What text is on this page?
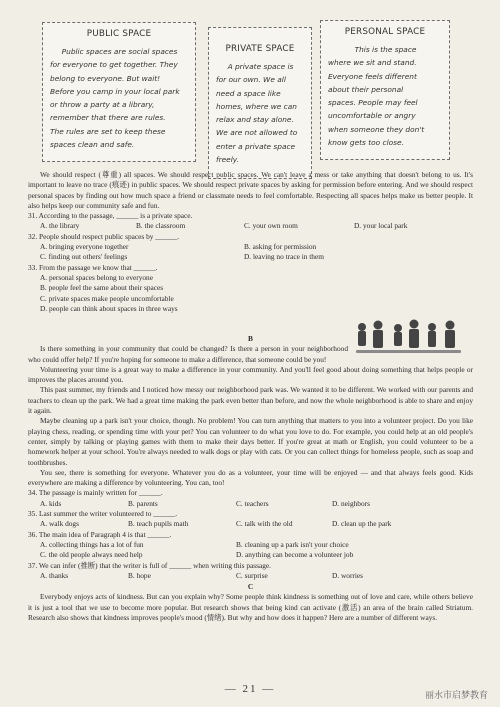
PUBLIC SPACE
Public spaces are social spaces
for everyone to get together. They
belong to everyone. But wait!
Before you camp in your local park
or throw a party at a library,
remember that there are rules.
The rules are set to keep these
spaces clean and safe.
PRIVATE SPACE
A private space is
for our own. We all
need a space like
homes, where we can
relax and stay alone.
We are not allowed to
enter a private space
freely.
PERSONAL SPACE
This is the space
where we sit and stand.
Everyone feels different
about their personal
spaces. People may feel
uncomfortable or angry
when someone they don't
know gets too close.

We should respect (尊重) all spaces. We should respect public spaces. We can't leave a mess or take anything that doesn't belong to us. It's important to leave no trace (痕迹) in public spaces. We should respect private spaces by asking for permission before entering. And we should respect personal spaces by finding out how much space a friend or classmate needs to feel comfortable. Respecting all spaces helps make us better people. It also helps keep our community safe and fun.

31. According to the passage, ______ is a private space.

A. the library	B. the classroom	C. your own room	D. your local park

32. People should respect public spaces by ______.

A. bringing everyone together	B. asking for permission
C. finding out others' feelings	D. leaving no trace in them

33. From the passage we know that ______.

A. personal spaces belong to everyone
B. people feel the same about their spaces
C. private spaces make people uncomfortable
D. people can think about spaces in three ways

B

Is there something in your community that could be changed? Is there a person in your neighborhood who could offer help? If you're hoping for someone to make a difference, that someone could be you!

Volunteering your time is a great way to make a difference in your community. And you'll feel good about doing something that helps people or improves the places around you.

This past summer, my friends and I noticed how messy our neighborhood park was. We wanted it to be different. We worked with our parents and teachers to clean up the park. We had a great time making the park even better than before, and now the whole neighborhood is able to share and enjoy it again.

Maybe cleaning up a park isn't your choice, though. No problem! You can turn anything that matters to you into a volunteer project. Do you like playing chess, reading, or spending time with your pet? You can volunteer to do what you love to do. For example, you could help at an old people's center, simply by talking or playing games with them to make their days better. If you're great at math or English, you could volunteer to be a homework helper at your school. You're always needed to walk dogs or play with cats. Or you can collect things for homeless people, such as soap and toothbrushes.

You see, there is something for everyone. Whatever you do as a volunteer, your time will be enjoyed — and that always feels good. Kids everywhere are making a difference by volunteering. You can, too!

34. The passage is mainly written for ______.

A. kids	B. parents	C. teachers	D. neighbors

35. Last summer the writer volunteered to ______.

A. walk dogs	B. teach pupils math	C. talk with the old	D. clean up the park

36. The main idea of Paragraph 4 is that ______.

A. collecting things has a lot of fun	B. cleaning up a park isn't your choice
C. the old people always need help	D. anything can become a volunteer job

37. We can infer (推断) that the writer is full of ______ when writing this passage.

A. thanks	B. hope	C. surprise	D. worries

C

Everybody enjoys acts of kindness. But can you explain why? Some people think kindness is something out of love and care, while others believe it is just a tool that we use to become more popular. But research shows that being kind can activate (激活) an area of the brain called Striatum. Research also shows that kindness improves people's mood (情绪). But why and how does it happen? Here are a number of different ways.

— 21 —
丽水市启梦教育
